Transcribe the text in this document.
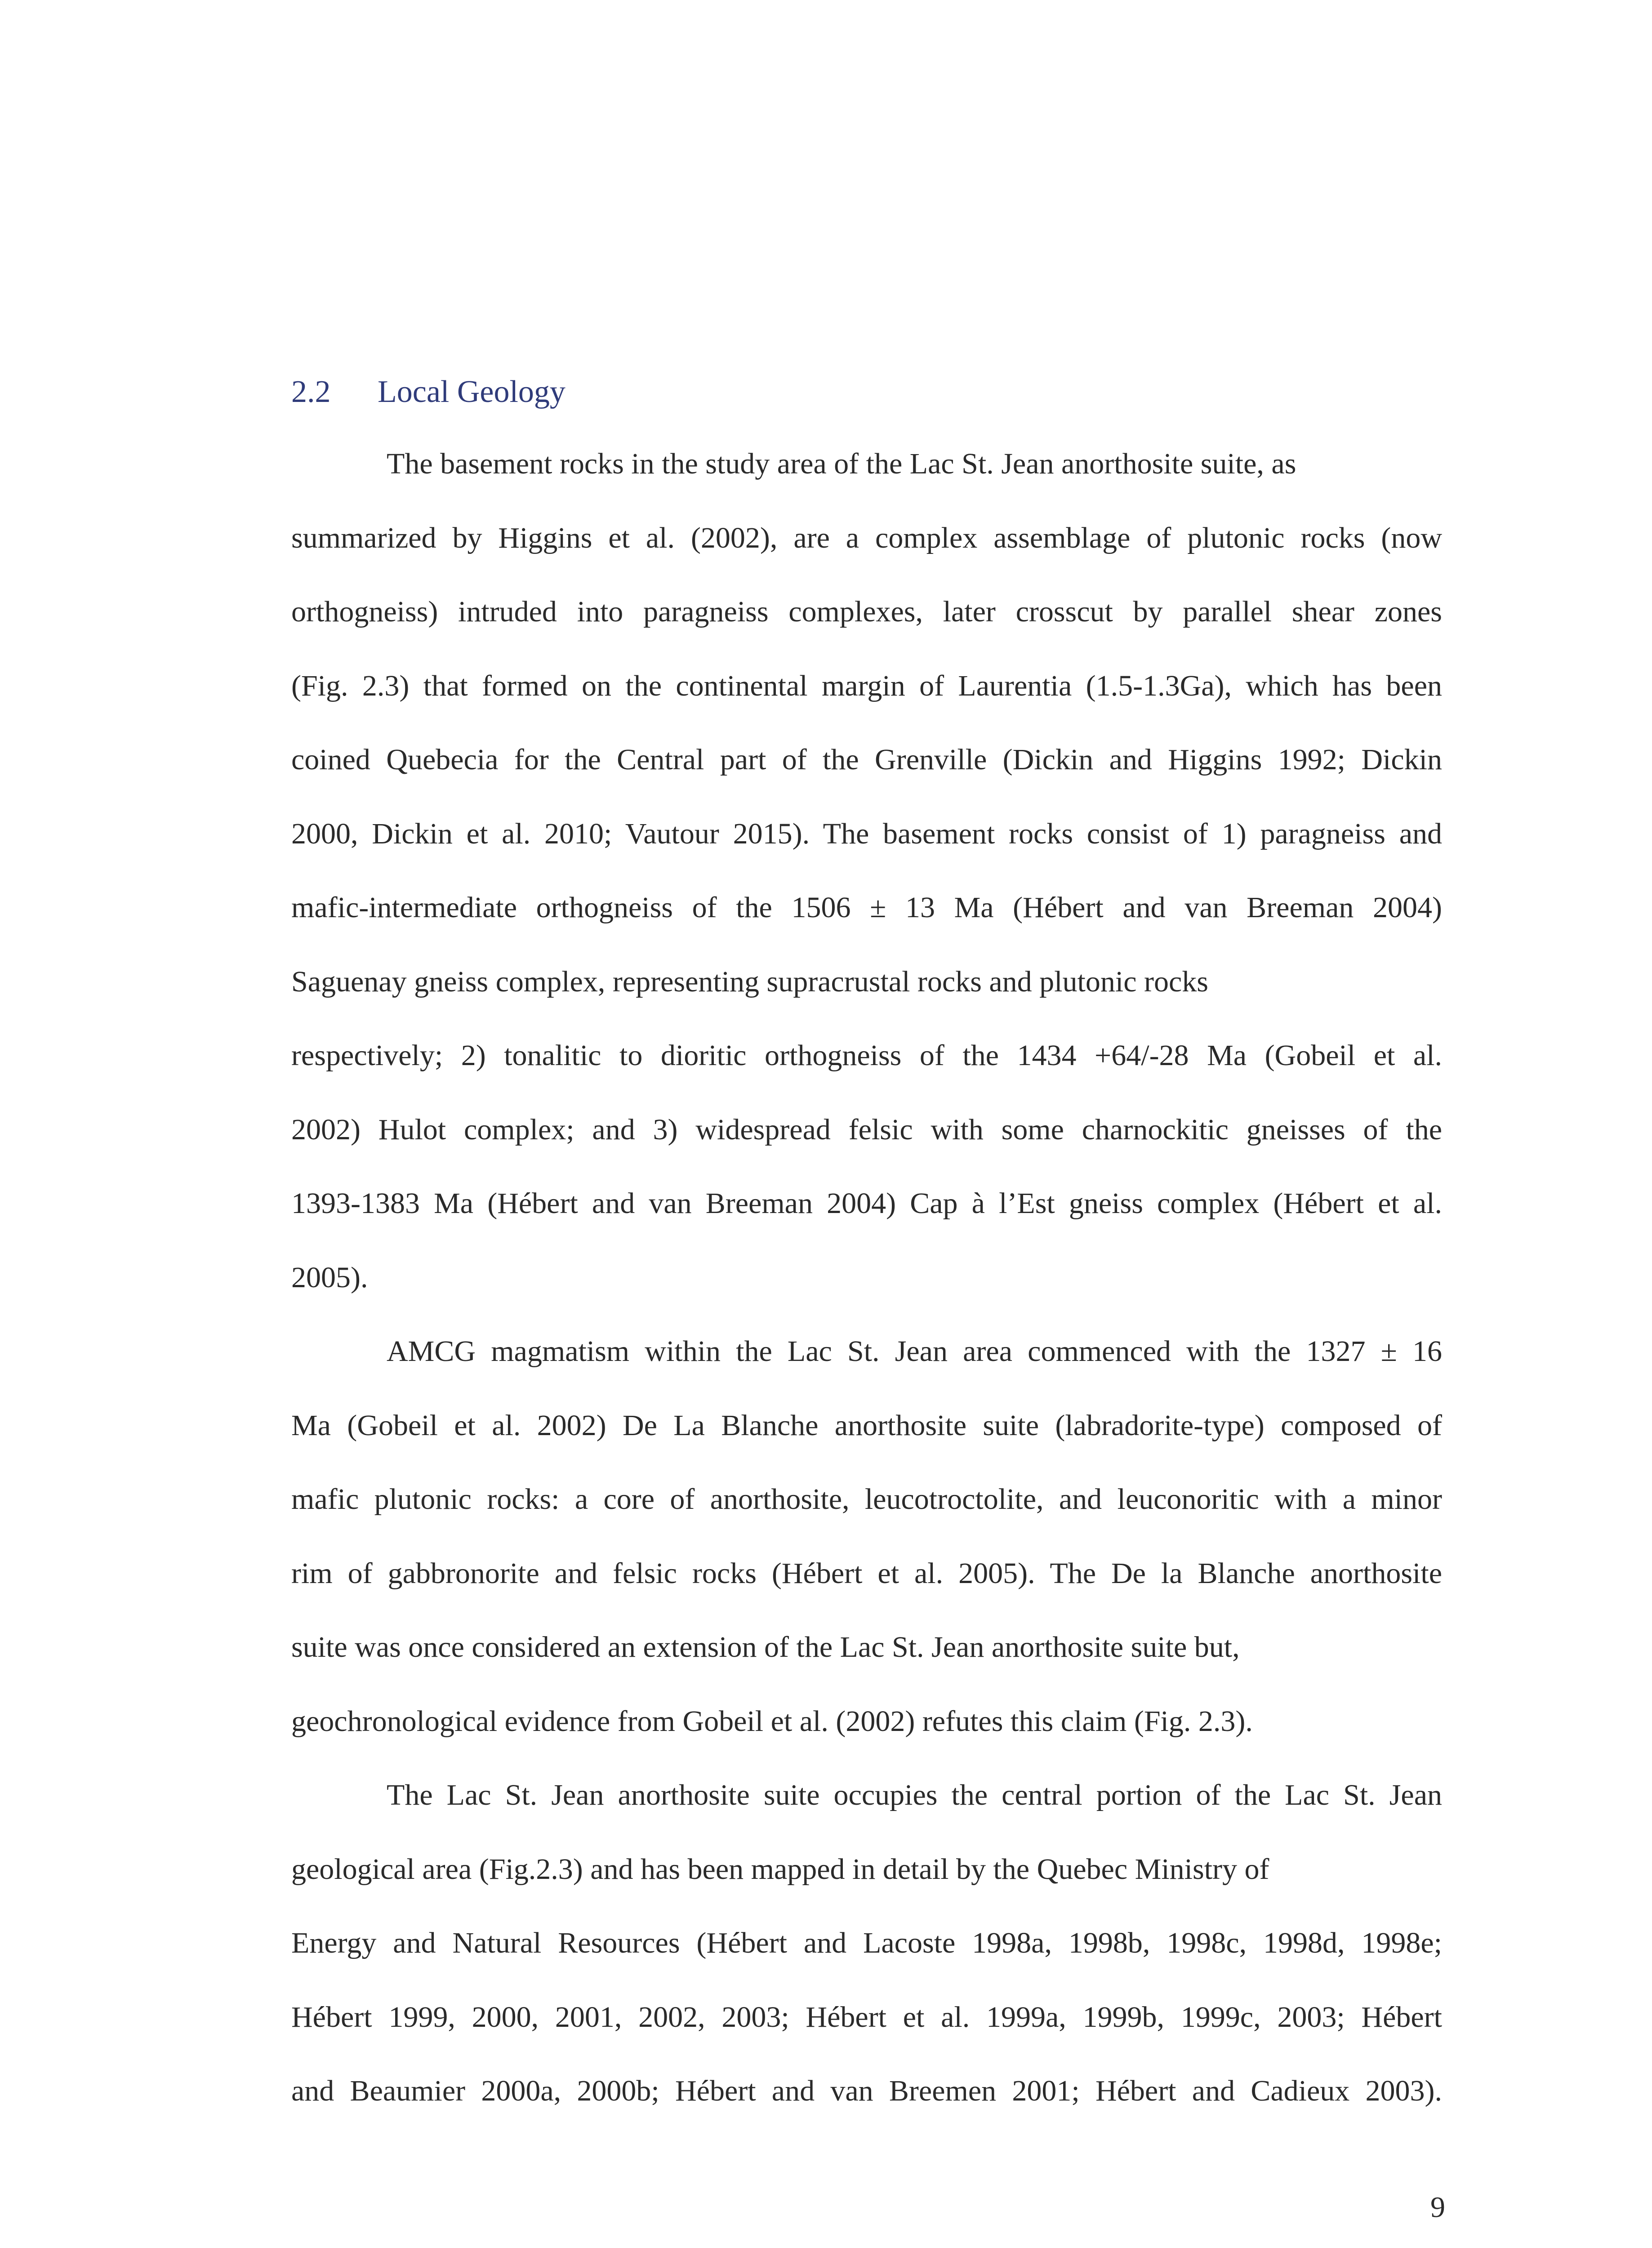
2.2 Local Geology
The basement rocks in the study area of the Lac St. Jean anorthosite suite, as
summarized by Higgins et al. (2002), are a complex assemblage of plutonic rocks (now
orthogneiss) intruded into paragneiss complexes, later crosscut by parallel shear zones
(Fig. 2.3) that formed on the continental margin of Laurentia (1.5-1.3Ga), which has been
coined Quebecia for the Central part of the Grenville (Dickin and Higgins 1992; Dickin
2000, Dickin et al. 2010; Vautour 2015). The basement rocks consist of 1) paragneiss and
mafic-intermediate orthogneiss of the 1506 ± 13 Ma (Hébert and van Breeman 2004)
Saguenay gneiss complex, representing supracrustal rocks and plutonic rocks
respectively; 2) tonalitic to dioritic orthogneiss of the 1434 +64/-28 Ma (Gobeil et al.
2002) Hulot complex; and 3) widespread felsic with some charnockitic gneisses of the
1393-1383 Ma (Hébert and van Breeman 2004) Cap à l’Est gneiss complex (Hébert et al.
2005).
AMCG magmatism within the Lac St. Jean area commenced with the 1327 ± 16
Ma (Gobeil et al. 2002) De La Blanche anorthosite suite (labradorite-type) composed of
mafic plutonic rocks: a core of anorthosite, leucotroctolite, and leuconoritic with a minor
rim of gabbronorite and felsic rocks (Hébert et al. 2005). The De la Blanche anorthosite
suite was once considered an extension of the Lac St. Jean anorthosite suite but,
geochronological evidence from Gobeil et al. (2002) refutes this claim (Fig. 2.3).
The Lac St. Jean anorthosite suite occupies the central portion of the Lac St. Jean
geological area (Fig.2.3) and has been mapped in detail by the Quebec Ministry of
Energy and Natural Resources (Hébert and Lacoste 1998a, 1998b, 1998c, 1998d, 1998e;
Hébert 1999, 2000, 2001, 2002, 2003; Hébert et al. 1999a, 1999b, 1999c, 2003; Hébert
and Beaumier 2000a, 2000b; Hébert and van Breemen 2001; Hébert and Cadieux 2003).
9
